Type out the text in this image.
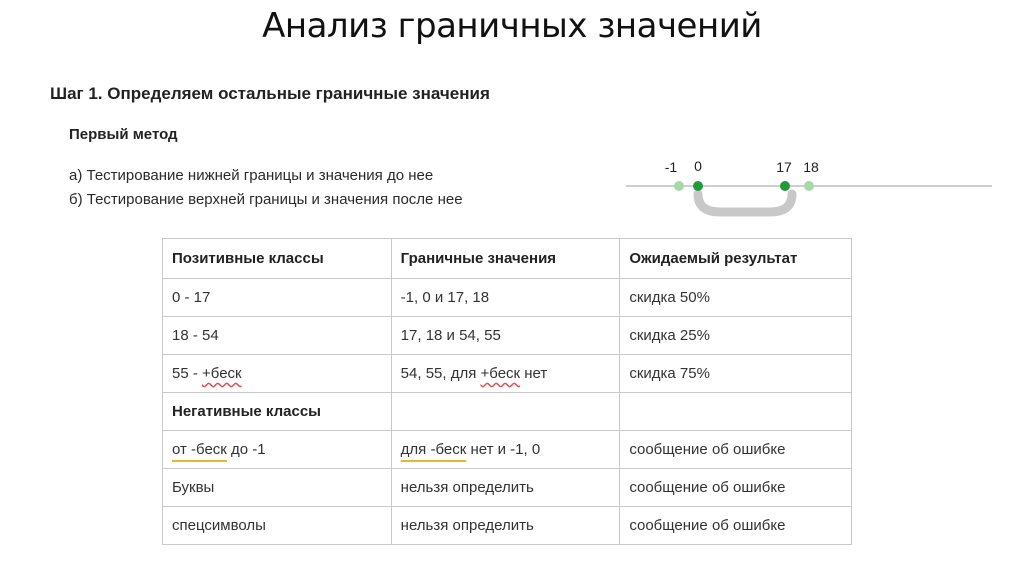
Анализ граничных значений
Шаг 1. Определяем остальные граничные значения
Первый метод
а) Тестирование нижней границы и значения до нее
б) Тестирование верхней границы и значения после нее
-1 0	17 18
Позитивные классы	Граничные значения	Ожидаемый результат
0 - 17	-1, 0 и 17, 18	скидка 50%
18 - 54	17, 18 и 54, 55	скидка 25%
55 - +беск	54, 55, для +беск нет	скидка 75%
Негативные классы		
от -беск до -1	для -беск нет и -1, 0	сообщение об ошибке
Буквы	нельзя определить	сообщение об ошибке
спецсимволы	нельзя определить	сообщение об ошибке
